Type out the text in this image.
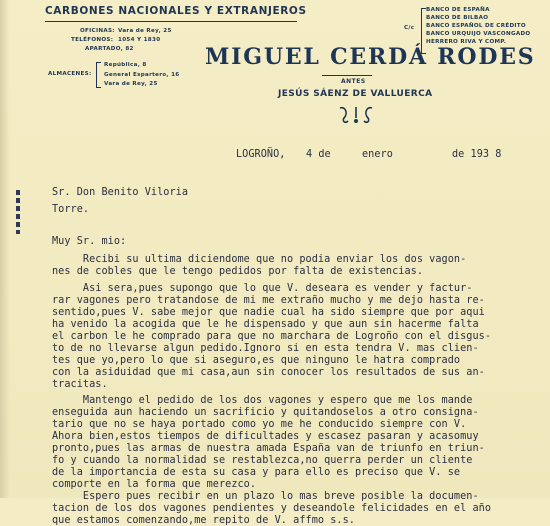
CARBONES NACIONALES Y EXTRANJEROS
OFICINAS: Vara de Rey, 25
TELÉFONOS: 1054 Y 1830
APARTADO, 82
ALMACENES:
República, 8
General Espartero, 16
Vara de Rey, 25
C/c
BANCO DE ESPAÑA
BANCO DE BILBAO
BANCO ESPAÑOL DE CRÉDITO
BANCO URQUIJO VASCONGADO
HERRERO RIVA Y COMP.
MIGUEL CERDÁ RODES
ANTES
JESÚS SÁENZ DE VALLUERCA
LOGROÑO, 4 de	enero	de 193 8
Sr. Don Benito Viloria
Torre.
Muy Sr. mio:
Recibi su ultima diciendome que no podia enviar los dos vagon-
nes de cobles que le tengo pedidos por falta de existencias.
Asi sera,pues supongo que lo que V. deseara es vender y factur-
rar vagones pero tratandose de mi me extraño mucho y me dejo hasta re-
sentido,pues V. sabe mejor que nadie cual ha sido siempre que por aqui
ha venido la acogida que le he dispensado y que aun sin hacerme falta
el carbon le he comprado para que no marchara de Logroño con el disgus-
to de no llevarse algun pedido.Ignoro si en esta tendra V. mas clien-
tes que yo,pero lo que si aseguro,es que ninguno le hatra comprado
con la asiduidad que mi casa,aun sin conocer los resultados de sus an-
tracitas.
Mantengo el pedido de los dos vagones y espero que me los mande
enseguida aun haciendo un sacrificio y quitandoselos a otro consigna-
tario que no se haya portado como yo me he conducido siempre con V.
Ahora bien,estos tiempos de dificultades y escasez pasaran y acasomuy
pronto,pues las armas de nuestra amada España van de triunfo en triun-
fo y cuando la normalidad se restablezca,no querra perder un cliente
de la importancia de esta su casa y para ello es preciso que V. se
comporte en la forma que merezco.
Espero pues recibir en un plazo lo mas breve posible la documen-
tacion de los dos vagones pendientes y deseandole felicidades en el año
que estamos comenzando,me repito de V. affmo s.s.
